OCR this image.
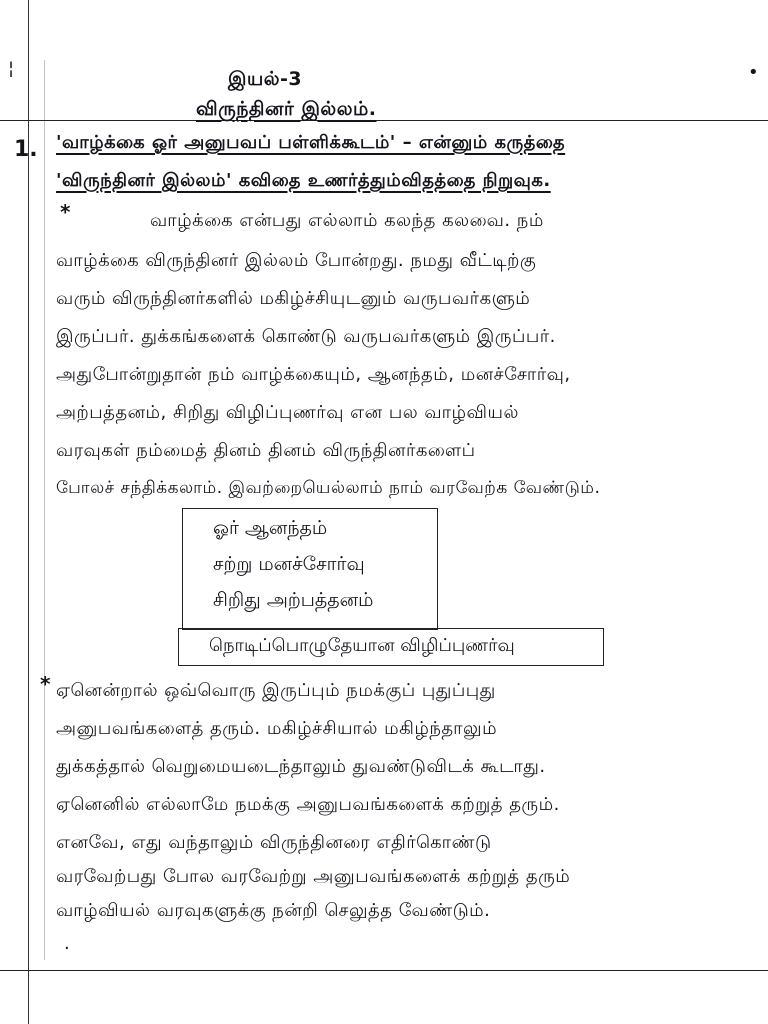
¦	•
இயல்-3
விருந்தினர் இல்லம்.
1. 'வாழ்க்கை ஓர் அனுபவப் பள்ளிக்கூடம்' – என்னும் கருத்தை
'விருந்தினர் இல்லம்' கவிதை உணர்த்தும்விதத்தை நிறுவுக.
*	வாழ்க்கை என்பது எல்லாம் கலந்த கலவை. நம்
வாழ்க்கை விருந்தினர் இல்லம் போன்றது. நமது வீட்டிற்கு
வரும் விருந்தினர்களில் மகிழ்ச்சியுடனும் வருபவர்களும்
இருப்பர். துக்கங்களைக் கொண்டு வருபவர்களும் இருப்பர்.
அதுபோன்றுதான் நம் வாழ்க்கையும், ஆனந்தம், மனச்சோர்வு,
அற்பத்தனம், சிறிது விழிப்புணர்வு என பல வாழ்வியல்
வரவுகள் நம்மைத் தினம் தினம் விருந்தினர்களைப்
போலச் சந்திக்கலாம். இவற்றையெல்லாம் நாம் வரவேற்க வேண்டும்.
ஓர் ஆனந்தம்
சற்று மனச்சோர்வு
சிறிது அற்பத்தனம்
நொடிப்பொழுதேயான விழிப்புணர்வு
* ஏனென்றால் ஒவ்வொரு இருப்பும் நமக்குப் புதுப்புது
அனுபவங்களைத் தரும். மகிழ்ச்சியால் மகிழ்ந்தாலும்
துக்கத்தால் வெறுமையடைந்தாலும் துவண்டுவிடக் கூடாது.
ஏனெனில் எல்லாமே நமக்கு அனுபவங்களைக் கற்றுத் தரும்.
எனவே, எது வந்தாலும் விருந்தினரை எதிர்கொண்டு
வரவேற்பது போல வரவேற்று அனுபவங்களைக் கற்றுத் தரும்
வாழ்வியல் வரவுகளுக்கு நன்றி செலுத்த வேண்டும்.
·
